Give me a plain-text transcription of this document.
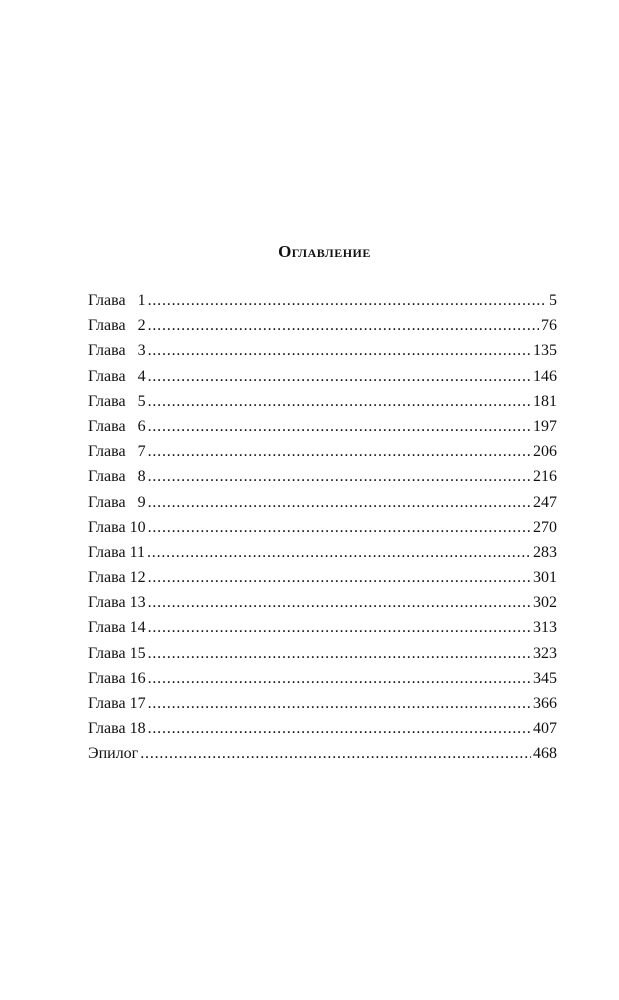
Оглавление
Глава   1 . . .	5
Глава   2 . . .	76
Глава   3 . . .	135
Глава   4 . . .	146
Глава   5 . . .	181
Глава   6 . . .	197
Глава   7 . . .	206
Глава   8 . . .	216
Глава   9 . . .	247
Глава 10 . . .	270
Глава 11 . . .	283
Глава 12 . . .	301
Глава 13 . . .	302
Глава 14 . . .	313
Глава 15 . . .	323
Глава 16 . . .	345
Глава 17 . . .	366
Глава 18 . . .	407
Эпилог . . .	468
